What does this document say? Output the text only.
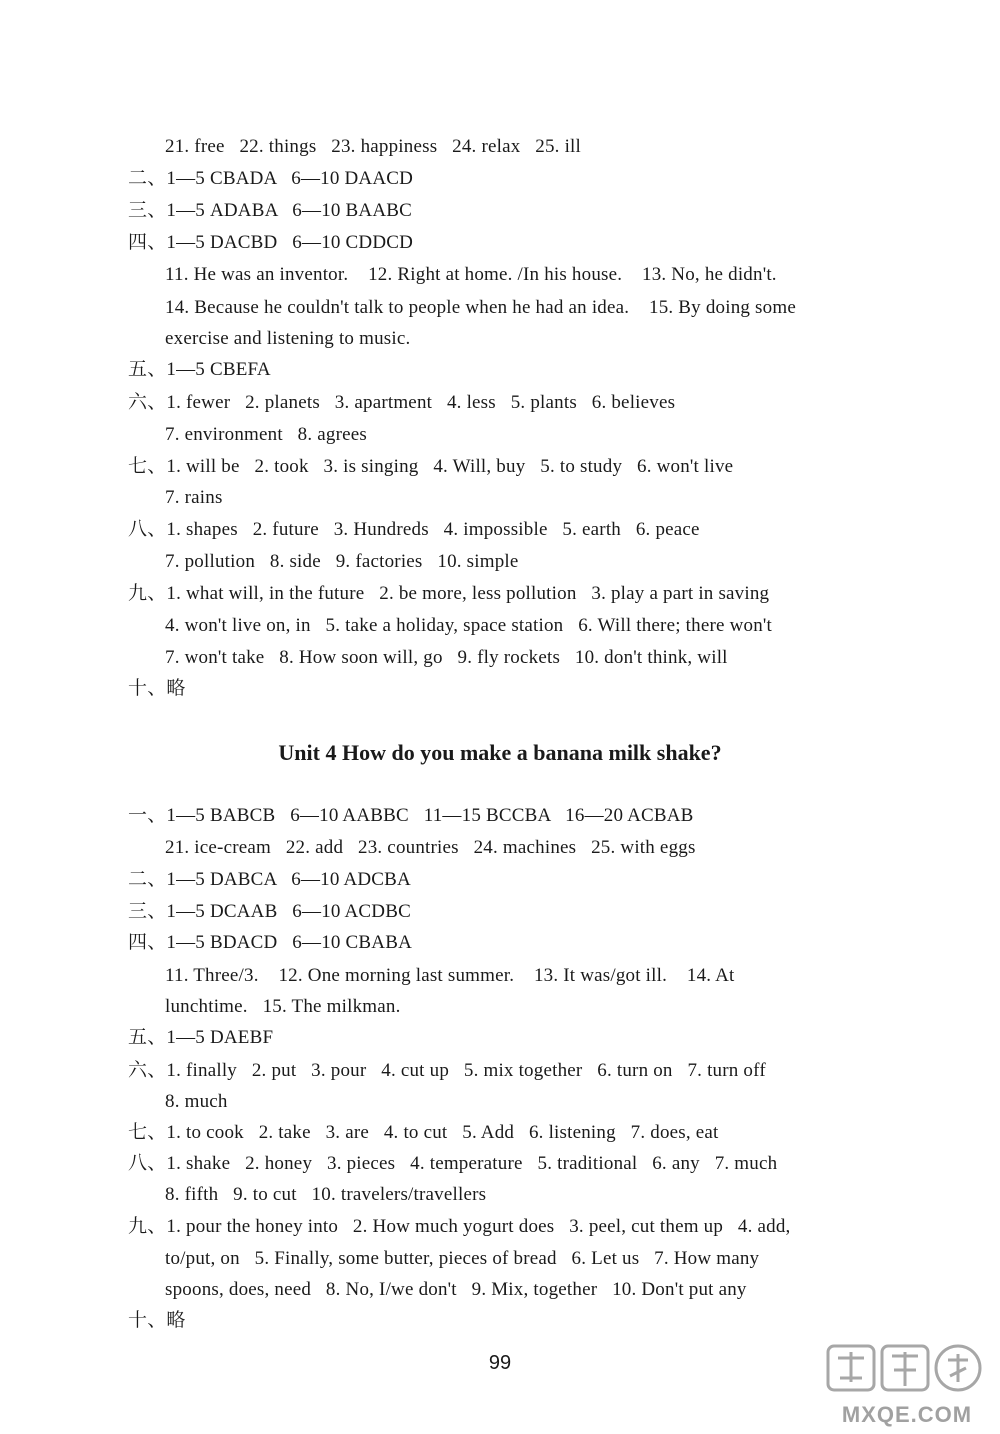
21. free   22. things   23. happiness   24. relax   25. ill
二、1—5 CBADA   6—10 DAACD
三、1—5 ADABA   6—10 BAABC
四、1—5 DACBD   6—10 CDDCD
11. He was an inventor.    12. Right at home. /In his house.    13. No, he didn't.
14. Because he couldn't talk to people when he had an idea.    15. By doing some
exercise and listening to music.
五、1—5 CBEFA
六、1. fewer   2. planets   3. apartment   4. less   5. plants   6. believes
7. environment   8. agrees
七、1. will be   2. took   3. is singing   4. Will, buy   5. to study   6. won't live
7. rains
八、1. shapes   2. future   3. Hundreds   4. impossible   5. earth   6. peace
7. pollution   8. side   9. factories   10. simple
九、1. what will, in the future   2. be more, less pollution   3. play a part in saving
4. won't live on, in   5. take a holiday, space station   6. Will there; there won't
7. won't take   8. How soon will, go   9. fly rockets   10. don't think, will
十、略
Unit 4 How do you make a banana milk shake?
一、1—5 BABCB   6—10 AABBC   11—15 BCCBA   16—20 ACBAB
21. ice-cream   22. add   23. countries   24. machines   25. with eggs
二、1—5 DABCA   6—10 ADCBA
三、1—5 DCAAB   6—10 ACDBC
四、1—5 BDACD   6—10 CBABA
11. Three/3.    12. One morning last summer.    13. It was/got ill.    14. At
lunchtime.   15. The milkman.
五、1—5 DAEBF
六、1. finally   2. put   3. pour   4. cut up   5. mix together   6. turn on   7. turn off
8. much
七、1. to cook   2. take   3. are   4. to cut   5. Add   6. listening   7. does, eat
八、1. shake   2. honey   3. pieces   4. temperature   5. traditional   6. any   7. much
8. fifth   9. to cut   10. travelers/travellers
九、1. pour the honey into   2. How much yogurt does   3. peel, cut them up   4. add,
to/put, on   5. Finally, some butter, pieces of bread   6. Let us   7. How many
spoons, does, need   8. No, I/we don't   9. Mix, together   10. Don't put any
十、略
99
MXQE.COM
